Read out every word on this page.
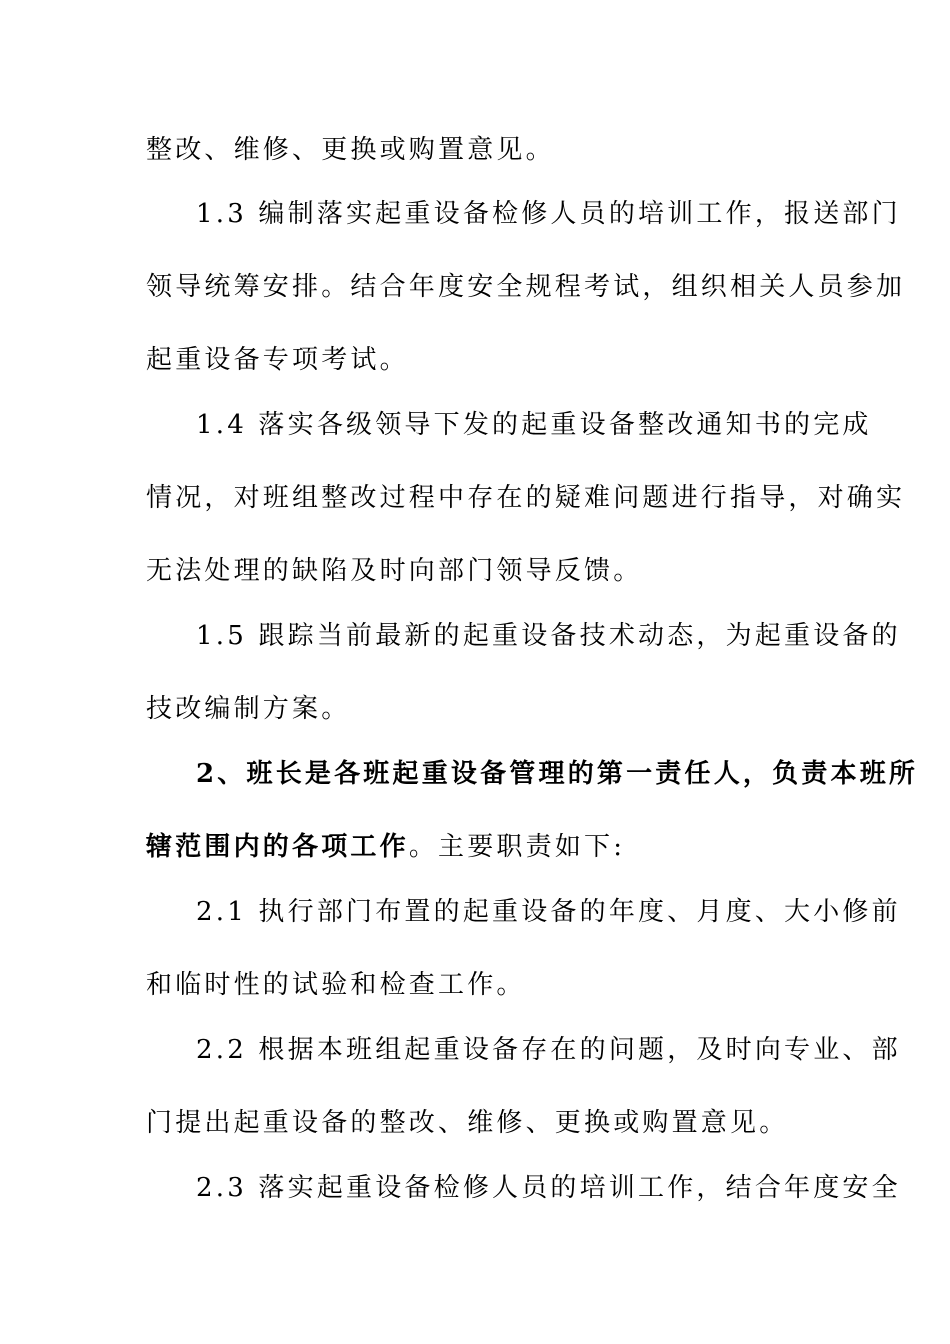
整改、维修、更换或购置意见。
1.3 编制落实起重设备检修人员的培训工作，报送部门
领导统筹安排。结合年度安全规程考试，组织相关人员参加
起重设备专项考试。
1.4 落实各级领导下发的起重设备整改通知书的完成
情况，对班组整改过程中存在的疑难问题进行指导，对确实
无法处理的缺陷及时向部门领导反馈。
1.5 跟踪当前最新的起重设备技术动态，为起重设备的
技改编制方案。
2、班长是各班起重设备管理的第一责任人，负责本班所
辖范围内的各项工作。主要职责如下:
2.1 执行部门布置的起重设备的年度、月度、大小修前
和临时性的试验和检查工作。
2.2 根据本班组起重设备存在的问题，及时向专业、部
门提出起重设备的整改、维修、更换或购置意见。
2.3 落实起重设备检修人员的培训工作，结合年度安全
